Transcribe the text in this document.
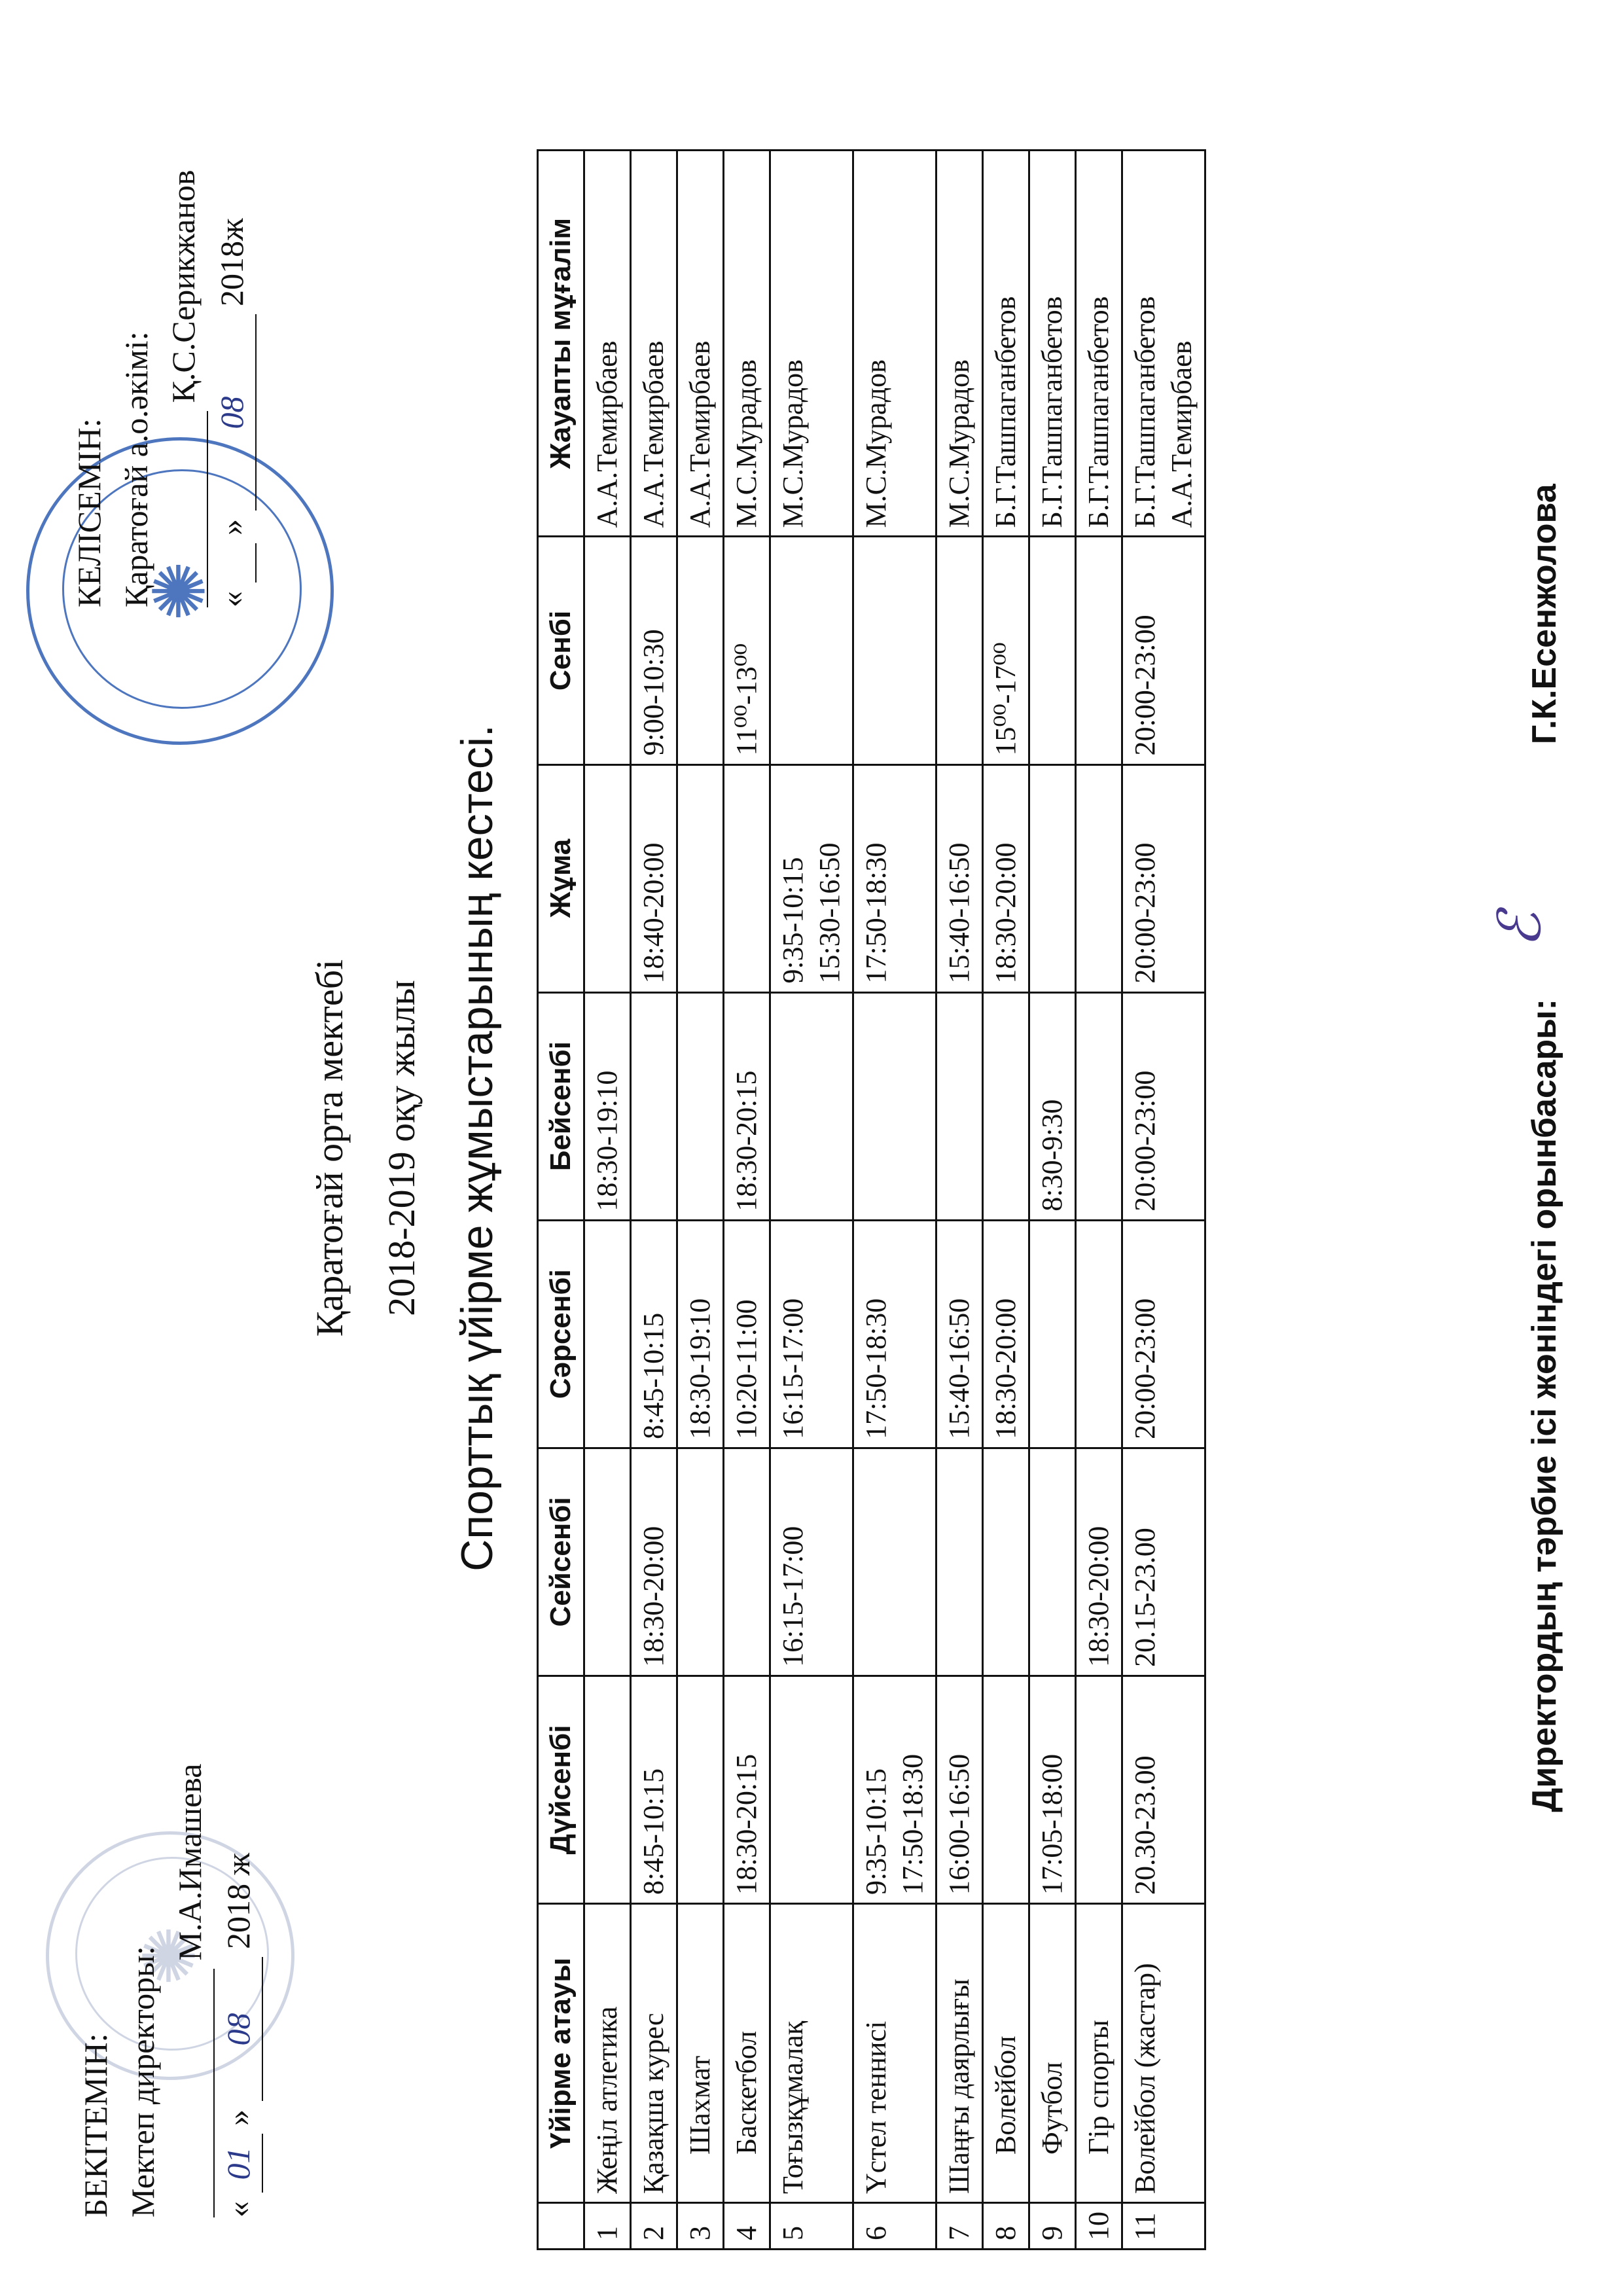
✺
✺
БЕКІТЕМІН: Мектеп директоры:
М.А.Имашева
« 01 » 08 2018 ж
КЕЛІСЕМІН: Қаратоғай а.о.әкімі:
Қ.С.Серикжанов
«   » 08 2018ж
Қаратоғай орта мектебі 2018-2019 оқу жылы Спорттық үйірме жұмыстарының кестесі.
	Үйірме атауы	Дүйсенбі	Сейсенбі	Сәрсенбі	Бейсенбі	Жұма	Сенбі	Жауапты мұғалім
1	Жеңіл атлетика				18:30-19:10			А.А.Темирбаев
2	Қазақша курес	8:45-10:15	18:30-20:00	8:45-10:15		18:40-20:00	9:00-10:30	А.А.Темирбаев
3	Шахмат			18:30-19:10				А.А.Темирбаев
4	Баскетбол	18:30-20:15		10:20-11:00	18:30-20:15		11⁰⁰-13⁰⁰	М.С.Мурадов
5	Тоғызқұмалақ		16:15-17:00	16:15-17:00		9:35-10:15
15:30-16:50		М.С.Мурадов
6	Үстел теннисі	9:35-10:15
17:50-18:30		17:50-18:30		17:50-18:30		М.С.Мурадов
7	Шаңғы даярлығы	16:00-16:50		15:40-16:50		15:40-16:50		М.С.Мурадов
8	Волейбол			18:30-20:00		18:30-20:00	15⁰⁰-17⁰⁰	Б.Г.Ташпаганбетов
9	Футбол	17:05-18:00			8:30-9:30			Б.Г.Ташпаганбетов
10	Гір спорты		18:30-20:00					Б.Г.Ташпаганбетов
11	Волейбол (жастар)	20.30-23.00	20.15-23.00	20:00-23:00	20:00-23:00	20:00-23:00	20:00-23:00	Б.Г.Ташпаганбетов
А.А.Темирбаев
Директордың тәрбие ісі жөніндегі орынбасары:  Г.К.Есенжолова
ℰ
